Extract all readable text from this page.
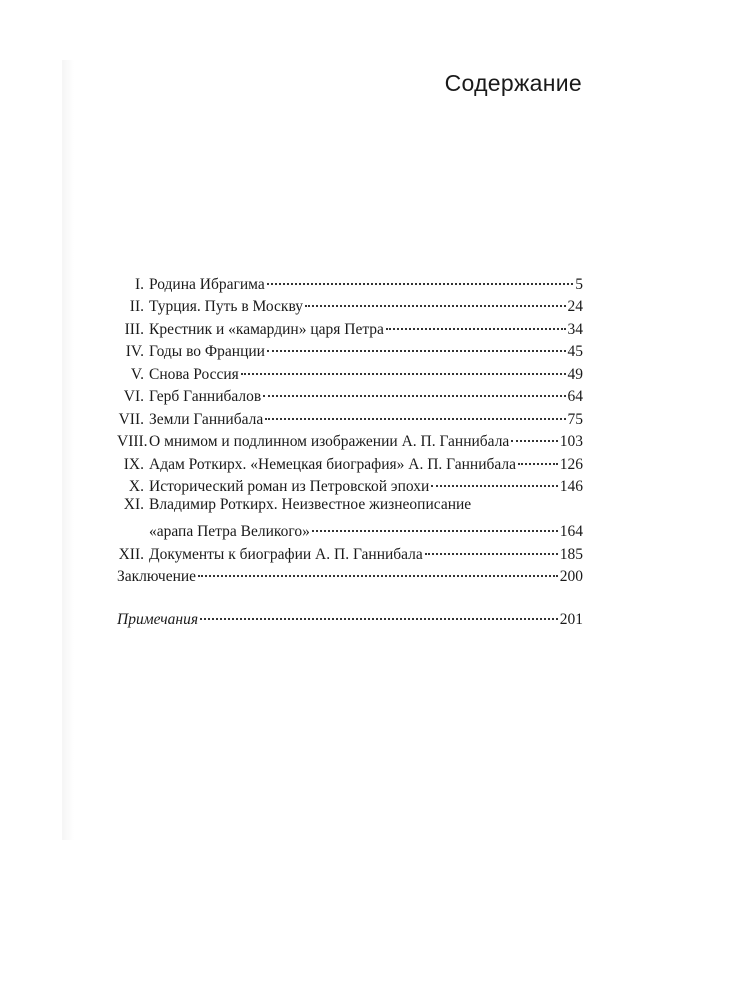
Содержание
I. Родина Ибрагима	5
II. Турция. Путь в Москву	24
III. Крестник и «камардин» царя Петра	34
IV. Годы во Франции	45
V. Снова Россия	49
VI. Герб Ганнибалов	64
VII. Земли Ганнибала	75
VIII. О мнимом и подлинном изображении А. П. Ганнибала	103
IX. Адам Роткирх. «Немецкая биография» А. П. Ганнибала	126
X. Исторический роман из Петровской эпохи	146
XI. Владимир Роткирх. Неизвестное жизнеописание
«арапа Петра Великого»	164
XII. Документы к биографии А. П. Ганнибала	185
Заключение	200
Примечания	201
